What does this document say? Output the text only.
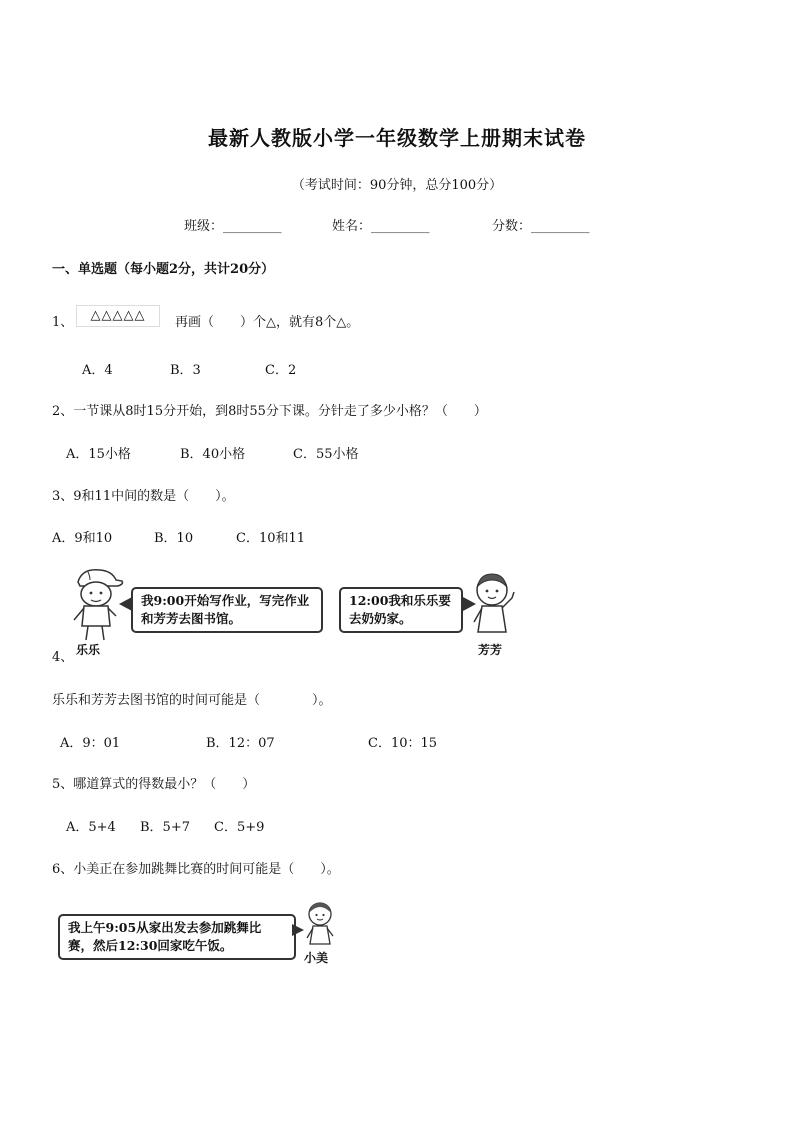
最新人教版小学一年级数学上册期末试卷
（考试时间：90分钟，总分100分）
班级：_________	姓名：_________	分数：_________
一、单选题（每小题2分，共计20分）
1、	△△△△△	再画（　　）个△，就有8个△。
A．4	B．3	C．2
2、一节课从8时15分开始，到8时55分下课。分针走了多少小格？（　　）
A．15小格	B．40小格	C．55小格
3、9和11中间的数是（　　）。
A．9和10	B．10	C．10和11
乐乐
4、
我9:00开始写作业，写完作业和芳芳去图书馆。
12:00我和乐乐要去奶奶家。
芳芳
乐乐和芳芳去图书馆的时间可能是（　　　　）。
A．9：01	B．12：07	C．10：15
5、哪道算式的得数最小？（　　）
A．5+4 B．5+7 C．5+9
6、小美正在参加跳舞比赛的时间可能是（　　）。
我上午9:05从家出发去参加跳舞比赛，然后12:30回家吃午饭。
小美
